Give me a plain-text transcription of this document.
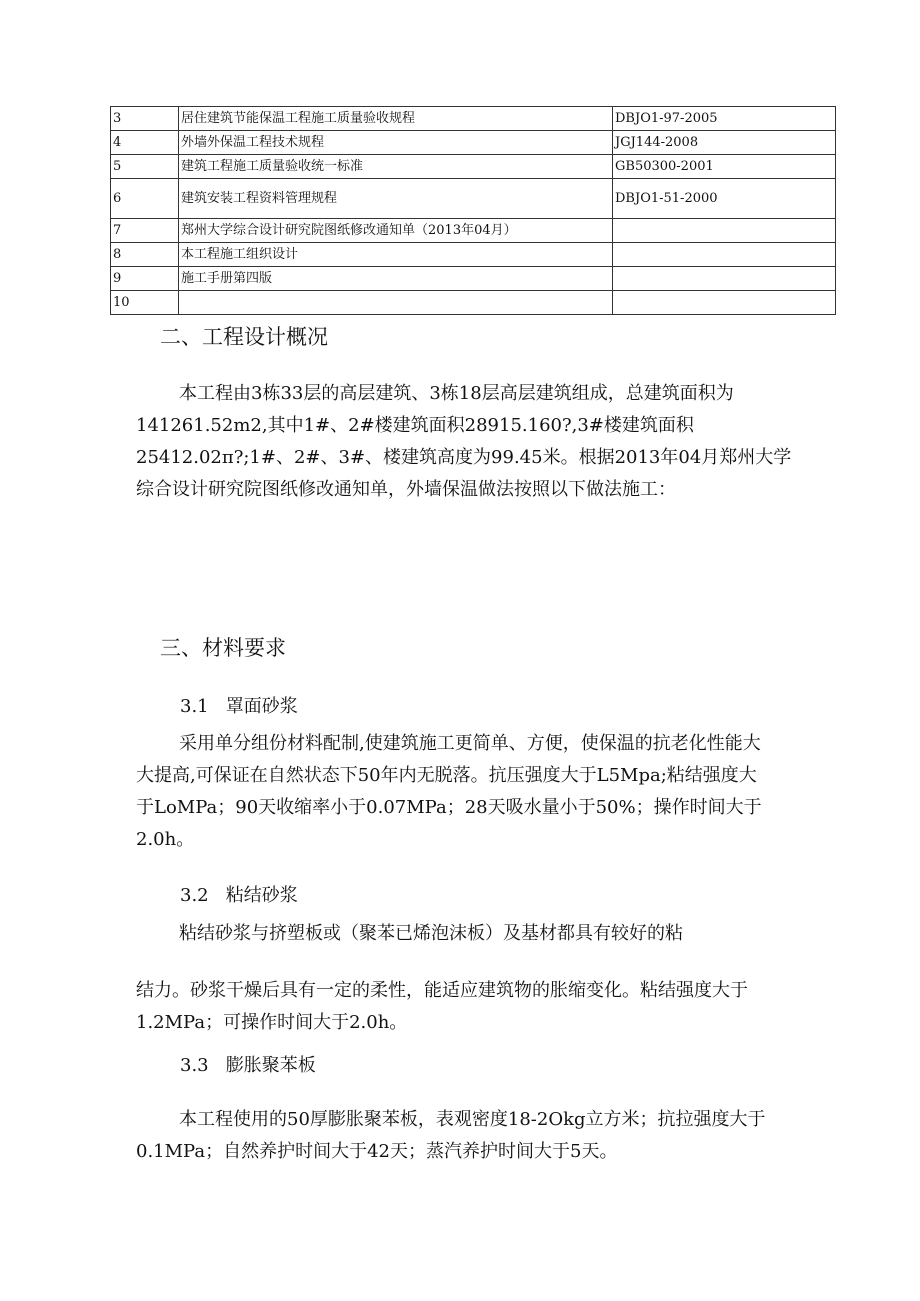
3	居住建筑节能保温工程施工质量验收规程	DBJO1-97-2005
4	外墙外保温工程技术规程	JGJ144-2008
5	建筑工程施工质量验收统一标准	GB50300-2001
6	建筑安装工程资料管理规程	DBJO1-51-2000
7	郑州大学综合设计研究院图纸修改通知单（2013年04月）	
8	本工程施工组织设计	
9	施工手册第四版	
10		
二、工程设计概况
本工程由3栋33层的高层建筑、3栋18层高层建筑组成，总建筑面积为
141261.52m2,其中1#、2#楼建筑面积28915.160?,3#楼建筑面积
25412.02π?;1#、2#、3#、楼建筑高度为99.45米。根据2013年04月郑州大学
综合设计研究院图纸修改通知单，外墙保温做法按照以下做法施工：
三、材料要求
3.1 罩面砂浆
采用单分组份材料配制,使建筑施工更简单、方便，使保温的抗老化性能大
大提高,可保证在自然状态下50年内无脱落。抗压强度大于L5Mpa;粘结强度大
于LoMPa；90天收缩率小于0.07MPa；28天吸水量小于50%；操作时间大于
2.0h。
3.2 粘结砂浆
粘结砂浆与挤塑板或（聚苯已烯泡沫板）及基材都具有较好的粘
结力。砂浆干燥后具有一定的柔性，能适应建筑物的胀缩变化。粘结强度大于
1.2MPa；可操作时间大于2.0h。
3.3 膨胀聚苯板
本工程使用的50厚膨胀聚苯板，表观密度18-2Okg立方米；抗拉强度大于
0.1MPa；自然养护时间大于42天；蒸汽养护时间大于5天。
